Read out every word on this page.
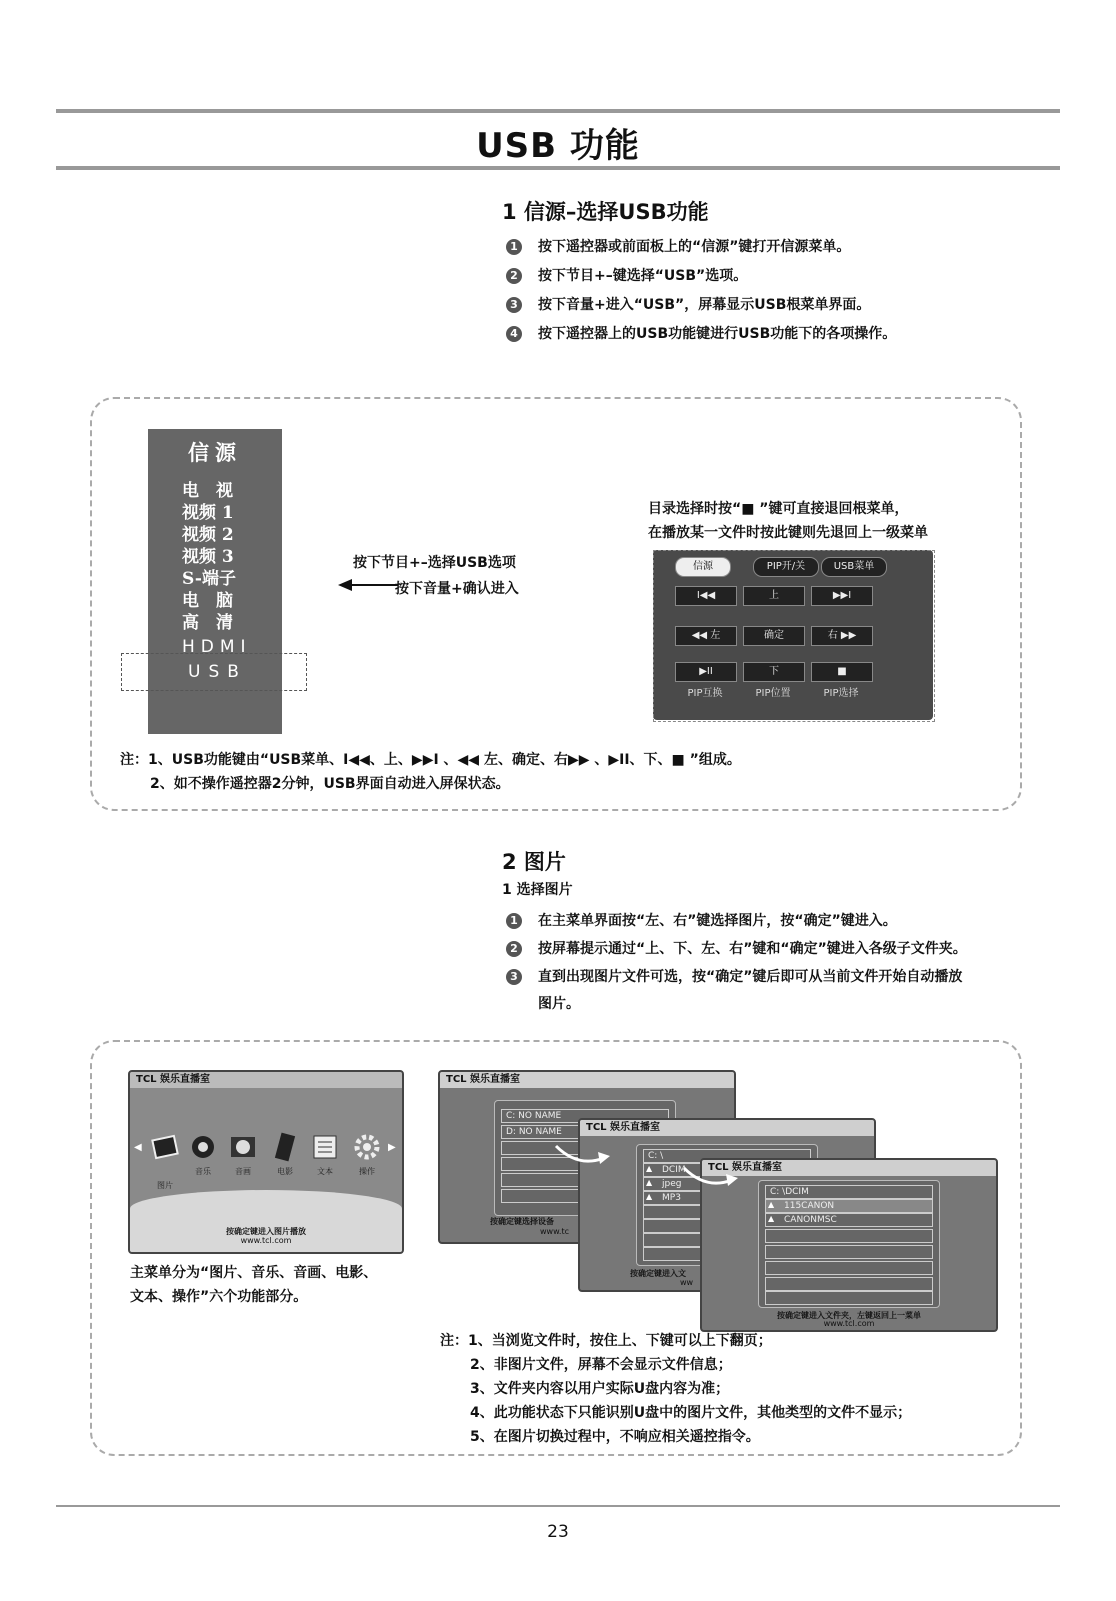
USB 功能
1 信源–选择USB功能
1 按下遥控器或前面板上的“信源”键打开信源菜单。
2 按下节目+–键选择“USB”选项。
3 按下音量+进入“USB”，屏幕显示USB根菜单界面。
4 按下遥控器上的USB功能键进行USB功能下的各项操作。
信源
电　视
视频 1
视频 2
视频 3
S-端子
电　脑
高　清
HDMI
USB
按下节目+–选择USB选项
按下音量+确认进入
目录选择时按“■ ”键可直接退回根菜单，
在播放某一文件时按此键则先退回上一级菜单
信源	PIP开/关	USB菜单
I◀◀	上	▶▶I
◀◀ 左	确定	右 ▶▶
▶II	下	■
PIP互换	PIP位置	PIP选择
注：1、USB功能键由“USB菜单、I◀◀、上、▶▶I 、◀◀ 左、确定、右▶▶ 、▶II、下、■ ”组成。
2、如不操作遥控器2分钟，USB界面自动进入屏保状态。
2 图片
1 选择图片
1 在主菜单界面按“左、右”键选择图片，按“确定”键进入。
2 按屏幕提示通过“上、下、左、右”键和“确定”键进入各级子文件夹。
3 直到出现图片文件可选，按“确定”键后即可从当前文件开始自动播放
图片。
TCL 娱乐直播室
◀	▶
图片
音乐	音画	电影	文本	操作
按确定键进入图片播放
www.tcl.com
主菜单分为“图片、音乐、音画、电影、
文本、操作”六个功能部分。
TCL 娱乐直播室
C: NO NAME
D: NO NAME
按确定键选择设备
www.tc
TCL 娱乐直播室
C: \
DCIM
jpeg
MP3
▲
▲
▲
按确定键进入文
ww
TCL 娱乐直播室
C: \DCIM
115CANON
CANONMSC
▲
▲
按确定键进入文件夹，左键返回上一菜单
www.tcl.com
注：1、当浏览文件时，按住上、下键可以上下翻页；
2、非图片文件，屏幕不会显示文件信息；
3、文件夹内容以用户实际U盘内容为准；
4、此功能状态下只能识别U盘中的图片文件，其他类型的文件不显示；
5、在图片切换过程中，不响应相关遥控指令。
23
